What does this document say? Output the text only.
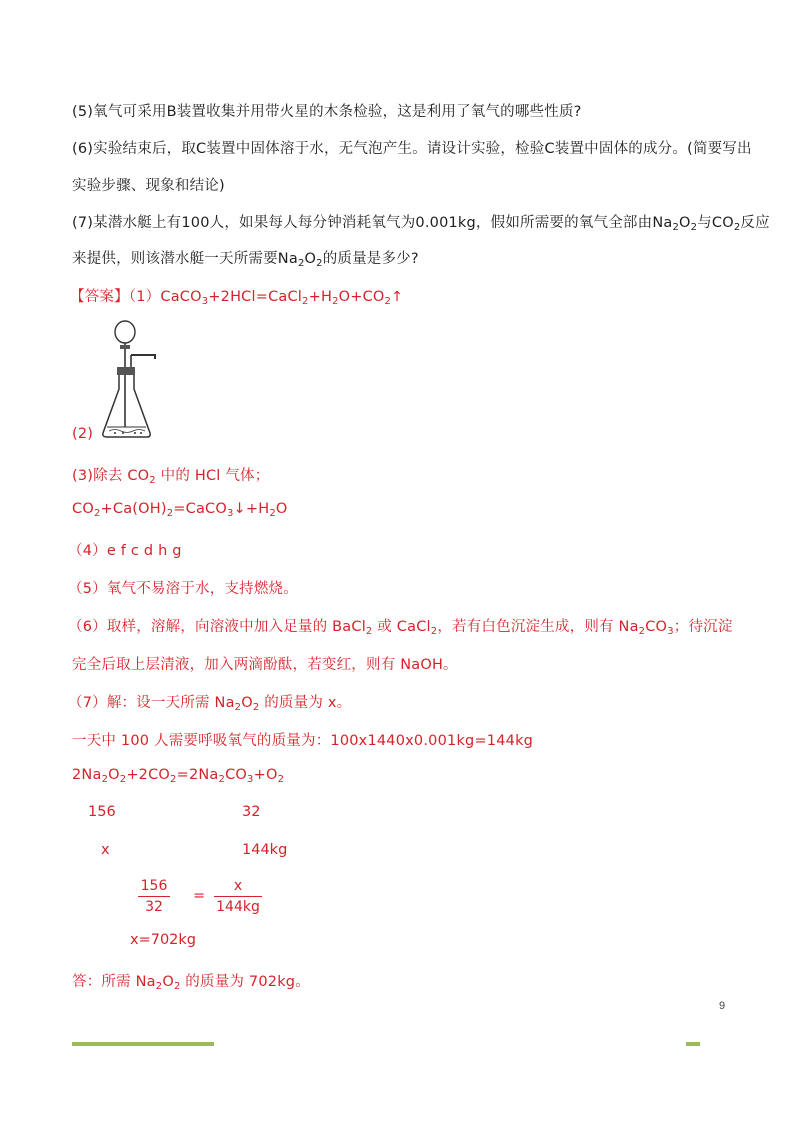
(5)氧气可采用B装置收集并用带火星的木条检验，这是利用了氧气的哪些性质?
(6)实验结束后，取C装置中固体溶于水，无气泡产生。请设计实验，检验C装置中固体的成分。(简要写出
实验步骤、现象和结论)
(7)某潜水艇上有100人，如果每人每分钟消耗氧气为0.001kg，假如所需要的氧气全部由$Na_2O_2$与$CO_2$反应
来提供，则该潜水艇一天所需要$Na_2O_2$的质量是多少?
【答案】$(1)CaCO_3+2HCl=CaCl_2+H_2O+CO_2↑$
(2)
(3)除去 $CO_2$ 中的 HCl 气体；
$CO_2+Ca(OH)_2=CaCO_3↓+H_2O$
（4）e f c d h g
（5）氧气不易溶于水，支持燃烧。
（6）取样，溶解，向溶液中加入足量的 BaCl$_2$ 或 CaCl$_2$，若有白色沉淀生成，则有 $Na_2CO_3$；待沉淀
完全后取上层清液，加入两滴酚酞，若变红，则有 NaOH。
（7）解：设一天所需 $Na_2O_2$ 的质量为 x。
一天中 100 人需要呼吸氧气的质量为：100x1440x0.001kg=144kg
$2Na_2O_2+2CO_2=2Na_2CO_3+O_2$
156	32
x	144kg
156
32
=
x
144kg
x=702kg
答：所需 $Na_2O_2$ 的质量为 702kg。
9
